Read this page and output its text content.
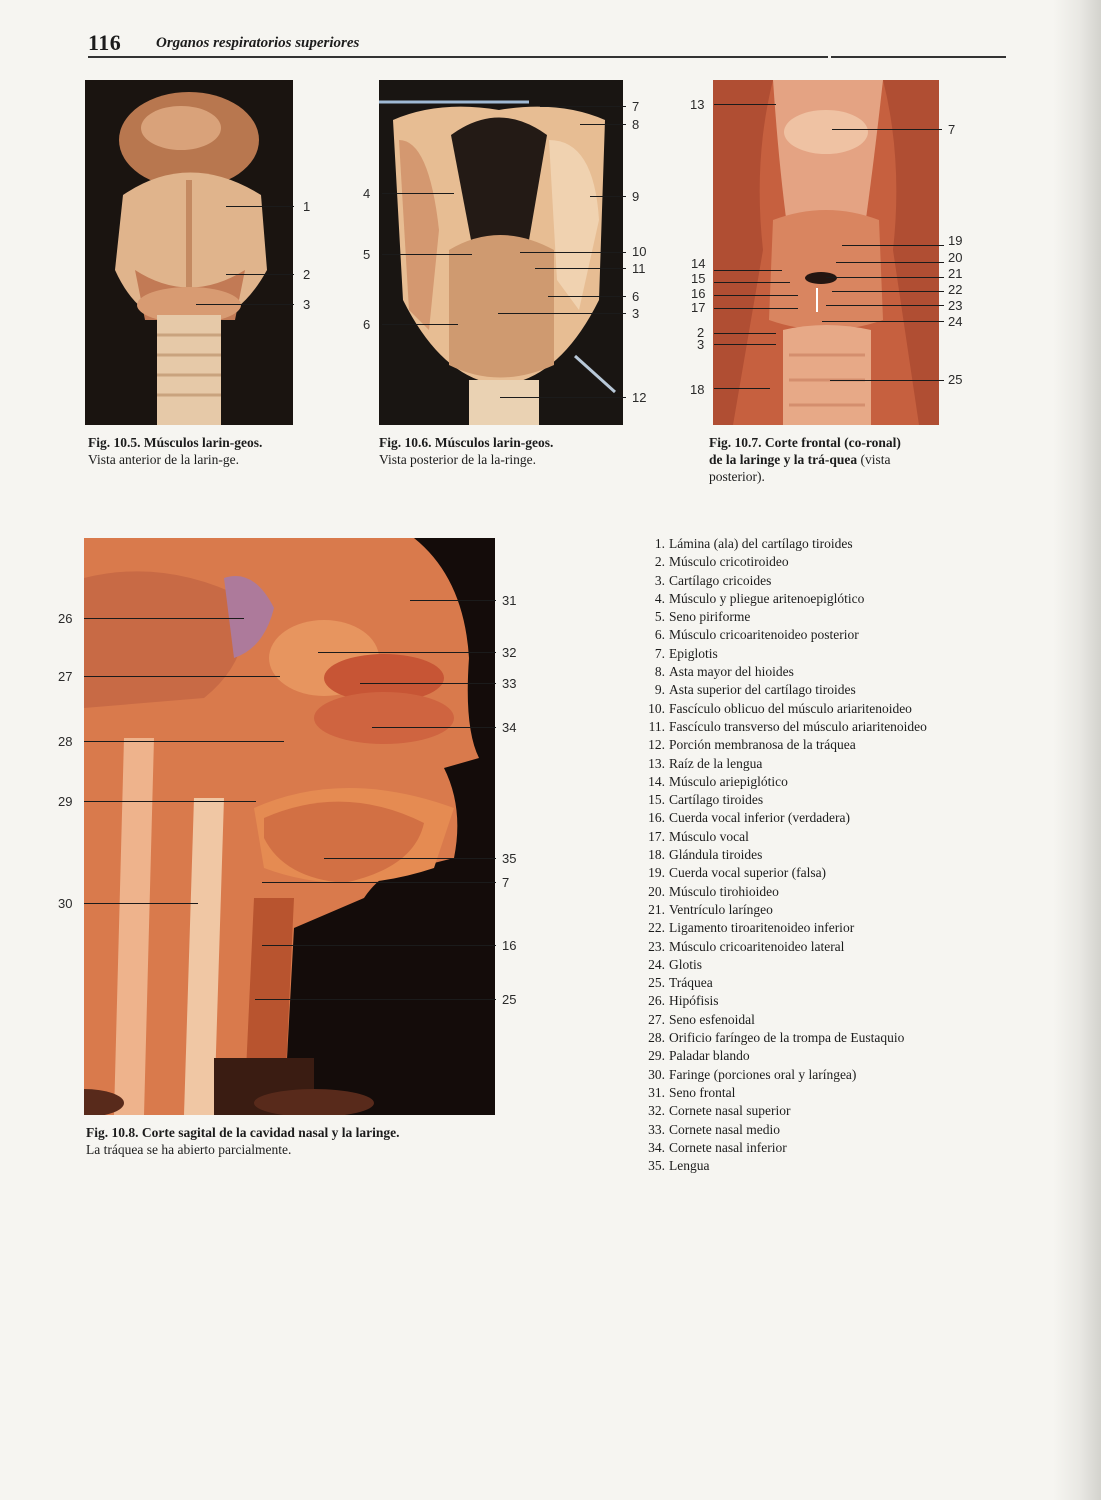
116 Organos respiratorios superiores
1
2
3
Fig. 10.5. Músculos larin-geos. Vista anterior de la larin-ge.
7
8
4	9
5	10
11
6
3
6
12
Fig. 10.6. Músculos larin-geos. Vista posterior de la la-ringe.
13
7
19
20
21
22
23
24
14
15
16
17
2
3
18
25
Fig. 10.7. Corte frontal (co-ronal) de la laringe y la trá-quea (vista posterior).
26
27
28
29
30
31
32
33
34
35
7
16
25
Fig. 10.8. Corte sagital de la cavidad nasal y la laringe.
La tráquea se ha abierto parcialmente.
1. Lámina (ala) del cartílago tiroides
2. Músculo cricotiroideo
3. Cartílago cricoides
4. Músculo y pliegue aritenoepiglótico
5. Seno piriforme
6. Músculo cricoaritenoideo posterior
7. Epiglotis
8. Asta mayor del hioides
9. Asta superior del cartílago tiroides
10. Fascículo oblicuo del músculo ariaritenoideo
11. Fascículo transverso del músculo ariaritenoideo
12. Porción membranosa de la tráquea
13. Raíz de la lengua
14. Músculo ariepiglótico
15. Cartílago tiroides
16. Cuerda vocal inferior (verdadera)
17. Músculo vocal
18. Glándula tiroides
19. Cuerda vocal superior (falsa)
20. Músculo tirohioideo
21. Ventrículo laríngeo
22. Ligamento tiroaritenoideo inferior
23. Músculo cricoaritenoideo lateral
24. Glotis
25. Tráquea
26. Hipófisis
27. Seno esfenoidal
28. Orificio faríngeo de la trompa de Eustaquio
29. Paladar blando
30. Faringe (porciones oral y laríngea)
31. Seno frontal
32. Cornete nasal superior
33. Cornete nasal medio
34. Cornete nasal inferior
35. Lengua
